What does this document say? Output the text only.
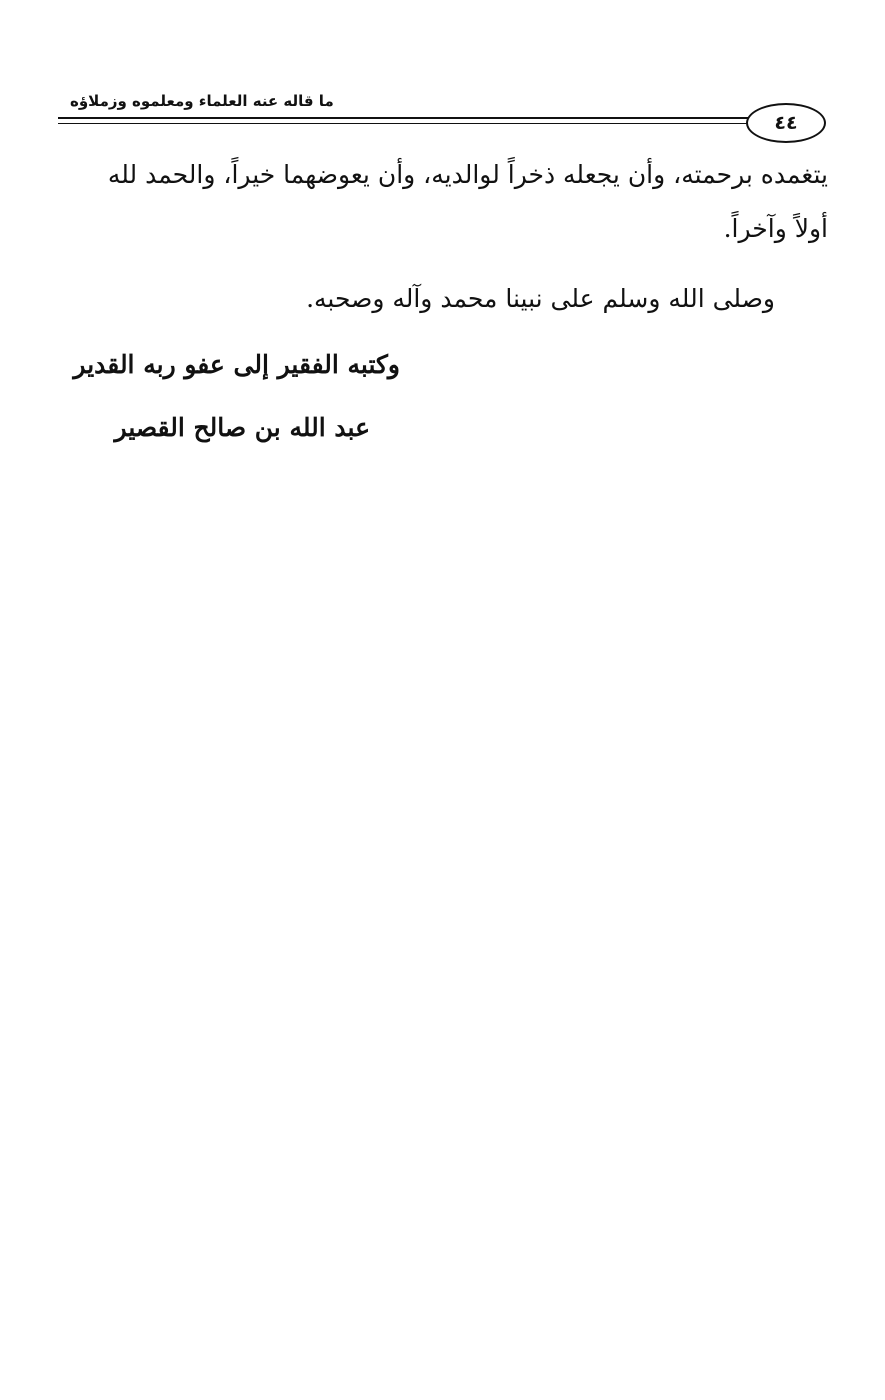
ما قاله عنه العلماء ومعلموه وزملاؤه
٤٤
يتغمده برحمته، وأن يجعله ذخراً لوالديه، وأن يعوضهما خيراً، والحمد لله
أولاً وآخراً.
وصلى الله وسلم على نبينا محمد وآله وصحبه.
وكتبه الفقير إلى عفو ربه القدير
عبد الله بن صالح القصير
